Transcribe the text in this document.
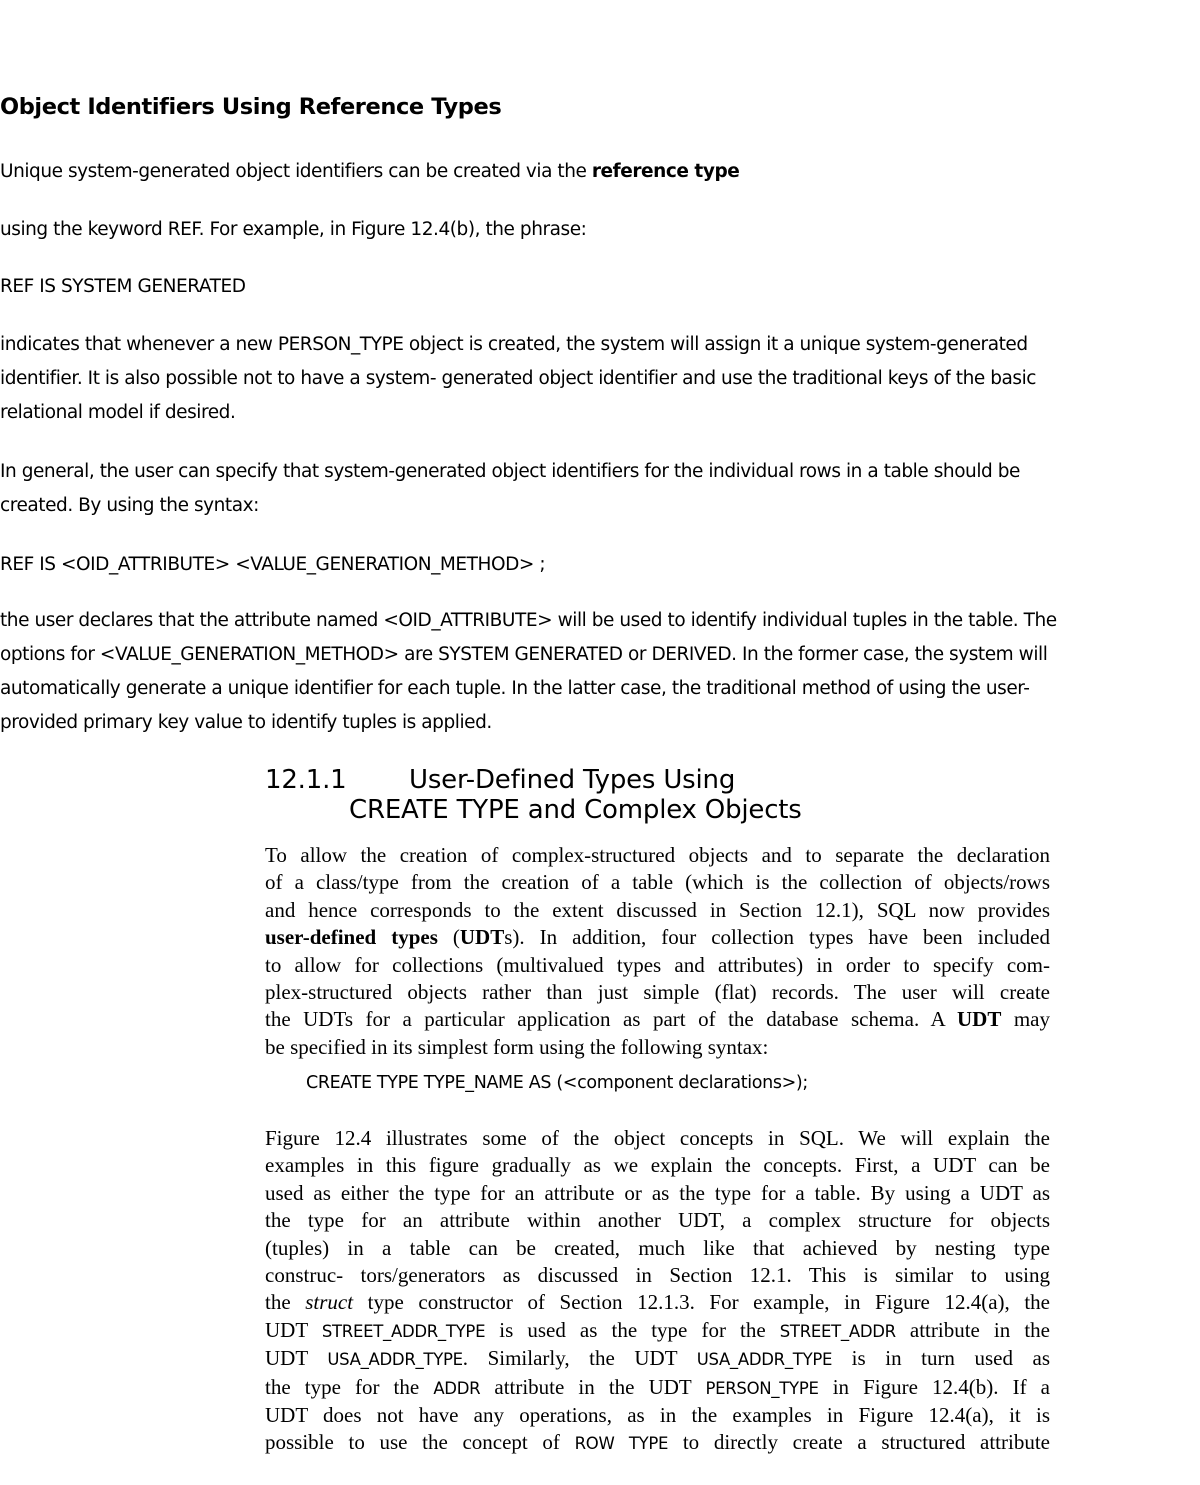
Object Identifiers Using Reference Types
Unique system-generated object identifiers can be created via the reference type
using the keyword REF. For example, in Figure 12.4(b), the phrase:
REF IS SYSTEM GENERATED

indicates that whenever a new PERSON_TYPE object is created, the system will assign it a unique system-generated

identifier. It is also possible not to have a system- generated object identifier and use the traditional keys of the basic

relational model if desired.

In general, the user can specify that system-generated object identifiers for the individual rows in a table should be

created. By using the syntax:

REF IS <OID_ATTRIBUTE> <VALUE_GENERATION_METHOD> ;

the user declares that the attribute named <OID_ATTRIBUTE> will be used to identify individual tuples in the table. The

options for <VALUE_GENERATION_METHOD> are SYSTEM GENERATED or DERIVED. In the former case, the system will

automatically generate a unique identifier for each tuple. In the latter case, the traditional method of using the user-

provided primary key value to identify tuples is applied.

12.1.1 User-Defined Types Using
CREATE TYPE and Complex Objects

To allow the creation of complex-structured objects and to separate the declaration

of a class/type from the creation of a table (which is the collection of objects/rows

and hence corresponds to the extent discussed in Section 12.1), SQL now provides

user-defined types (UDTs). In addition, four collection types have been included

to allow for collections (multivalued types and attributes) in order to specify com-

plex-structured objects rather than just simple (flat) records. The user will create

the UDTs for a particular application as part of the database schema. A UDT may

be specified in its simplest form using the following syntax:

CREATE TYPE TYPE_NAME AS (<component declarations>);

Figure 12.4 illustrates some of the object concepts in SQL. We will explain the

examples in this figure gradually as we explain the concepts. First, a UDT can be

used as either the type for an attribute or as the type for a table. By using a UDT as

the type for an attribute within another UDT, a complex structure for objects

(tuples) in a table can be created, much like that achieved by nesting type

construc- tors/generators as discussed in Section 12.1. This is similar to using

the struct type constructor of Section 12.1.3. For example, in Figure 12.4(a), the

UDT STREET_ADDR_TYPE is used as the type for the STREET_ADDR attribute in the

UDT USA_ADDR_TYPE. Similarly, the UDT USA_ADDR_TYPE is in turn used as

the type for the ADDR attribute in the UDT PERSON_TYPE in Figure 12.4(b). If a

UDT does not have any operations, as in the examples in Figure 12.4(a), it is

possible to use the concept of ROW TYPE to directly create a structured attribute
